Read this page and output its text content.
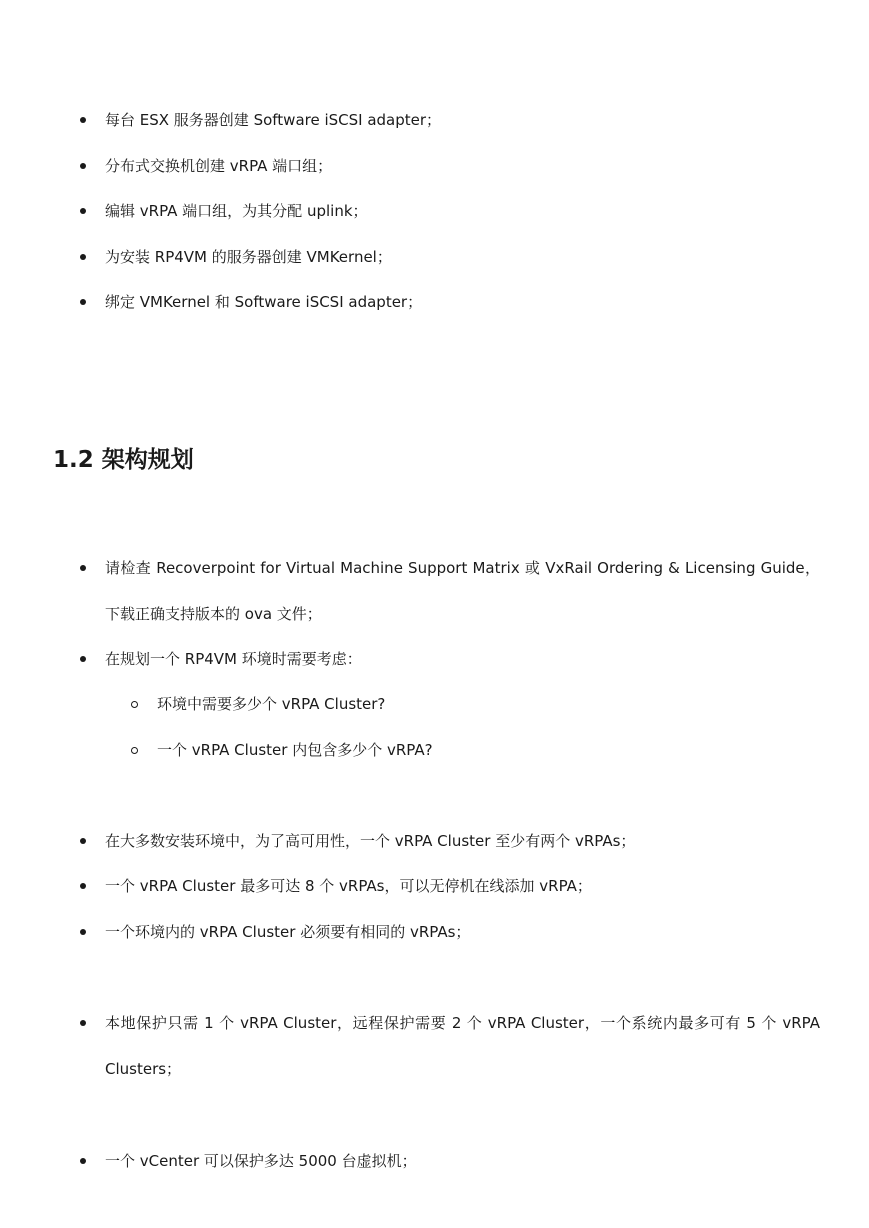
每台 ESX 服务器创建 Software iSCSI adapter；
分布式交换机创建 vRPA 端口组；
编辑 vRPA 端口组，为其分配 uplink；
为安装 RP4VM 的服务器创建 VMKernel；
绑定 VMKernel 和 Software iSCSI adapter；
1.2 架构规划
请检查 Recoverpoint for Virtual Machine Support Matrix 或 VxRail Ordering & Licensing Guide，下载正确支持版本的 ova 文件；
在规划一个 RP4VM 环境时需要考虑：
环境中需要多少个 vRPA Cluster?
一个 vRPA Cluster 内包含多少个 vRPA?
在大多数安装环境中，为了高可用性，一个 vRPA Cluster 至少有两个 vRPAs；
一个 vRPA Cluster 最多可达 8 个 vRPAs，可以无停机在线添加 vRPA；
一个环境内的 vRPA Cluster 必须要有相同的 vRPAs；
本地保护只需 1 个 vRPA Cluster，远程保护需要 2 个 vRPA Cluster，一个系统内最多可有 5 个 vRPA Clusters；
一个 vCenter 可以保护多达 5000 台虚拟机；
